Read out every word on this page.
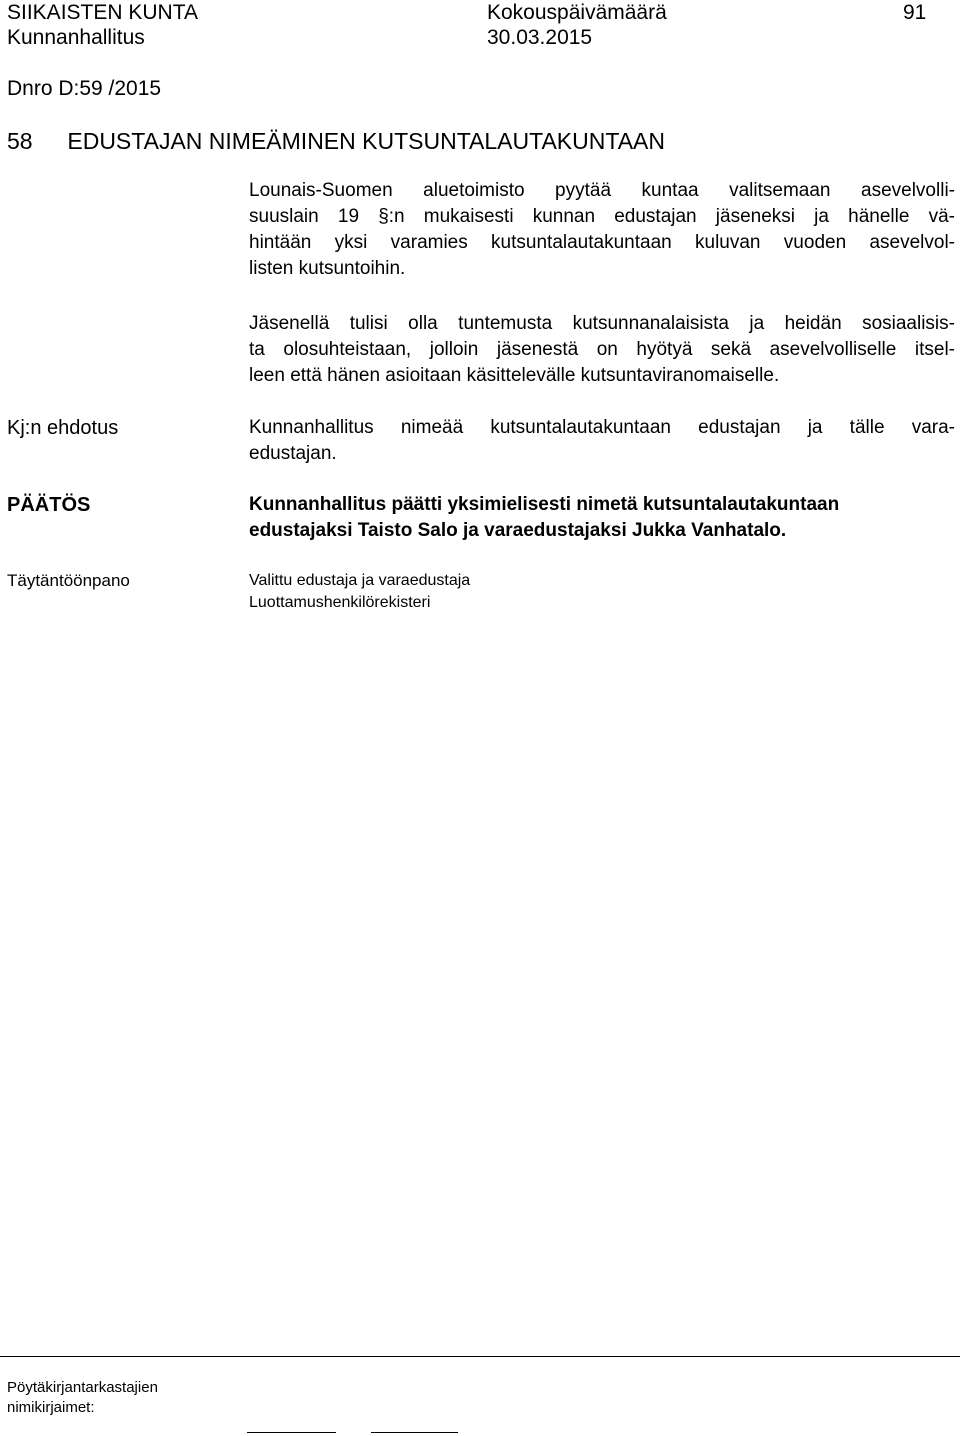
SIIKAISTEN KUNTA	Kokouspäivämäärä	91
Kunnanhallitus	30.03.2015
Dnro D:59 /2015
58 EDUSTAJAN NIMEÄMINEN KUTSUNTALAUTAKUNTAAN
Lounais-Suomen aluetoimisto pyytää kuntaa valitsemaan asevelvolli-
suuslain 19 §:n mukaisesti kunnan edustajan jäseneksi ja hänelle vä-
hintään yksi varamies kutsuntalautakuntaan kuluvan vuoden asevelvol-
listen kutsuntoihin.
Jäsenellä tulisi olla tuntemusta kutsunnanalaisista ja heidän sosiaalisis-
ta olosuhteistaan, jolloin jäsenestä on hyötyä sekä asevelvolliselle itsel-
leen että hänen asioitaan käsittelevälle kutsuntaviranomaiselle.
Kj:n ehdotus	Kunnanhallitus nimeää kutsuntalautakuntaan edustajan ja tälle vara-
edustajan.
PÄÄTÖS	Kunnanhallitus päätti yksimielisesti nimetä kutsuntalautakuntaan
edustajaksi Taisto Salo ja varaedustajaksi Jukka Vanhatalo.
Täytäntöönpano	Valittu edustaja ja varaedustaja
Luottamushenkilörekisteri
Pöytäkirjantarkastajien
nimikirjaimet:
